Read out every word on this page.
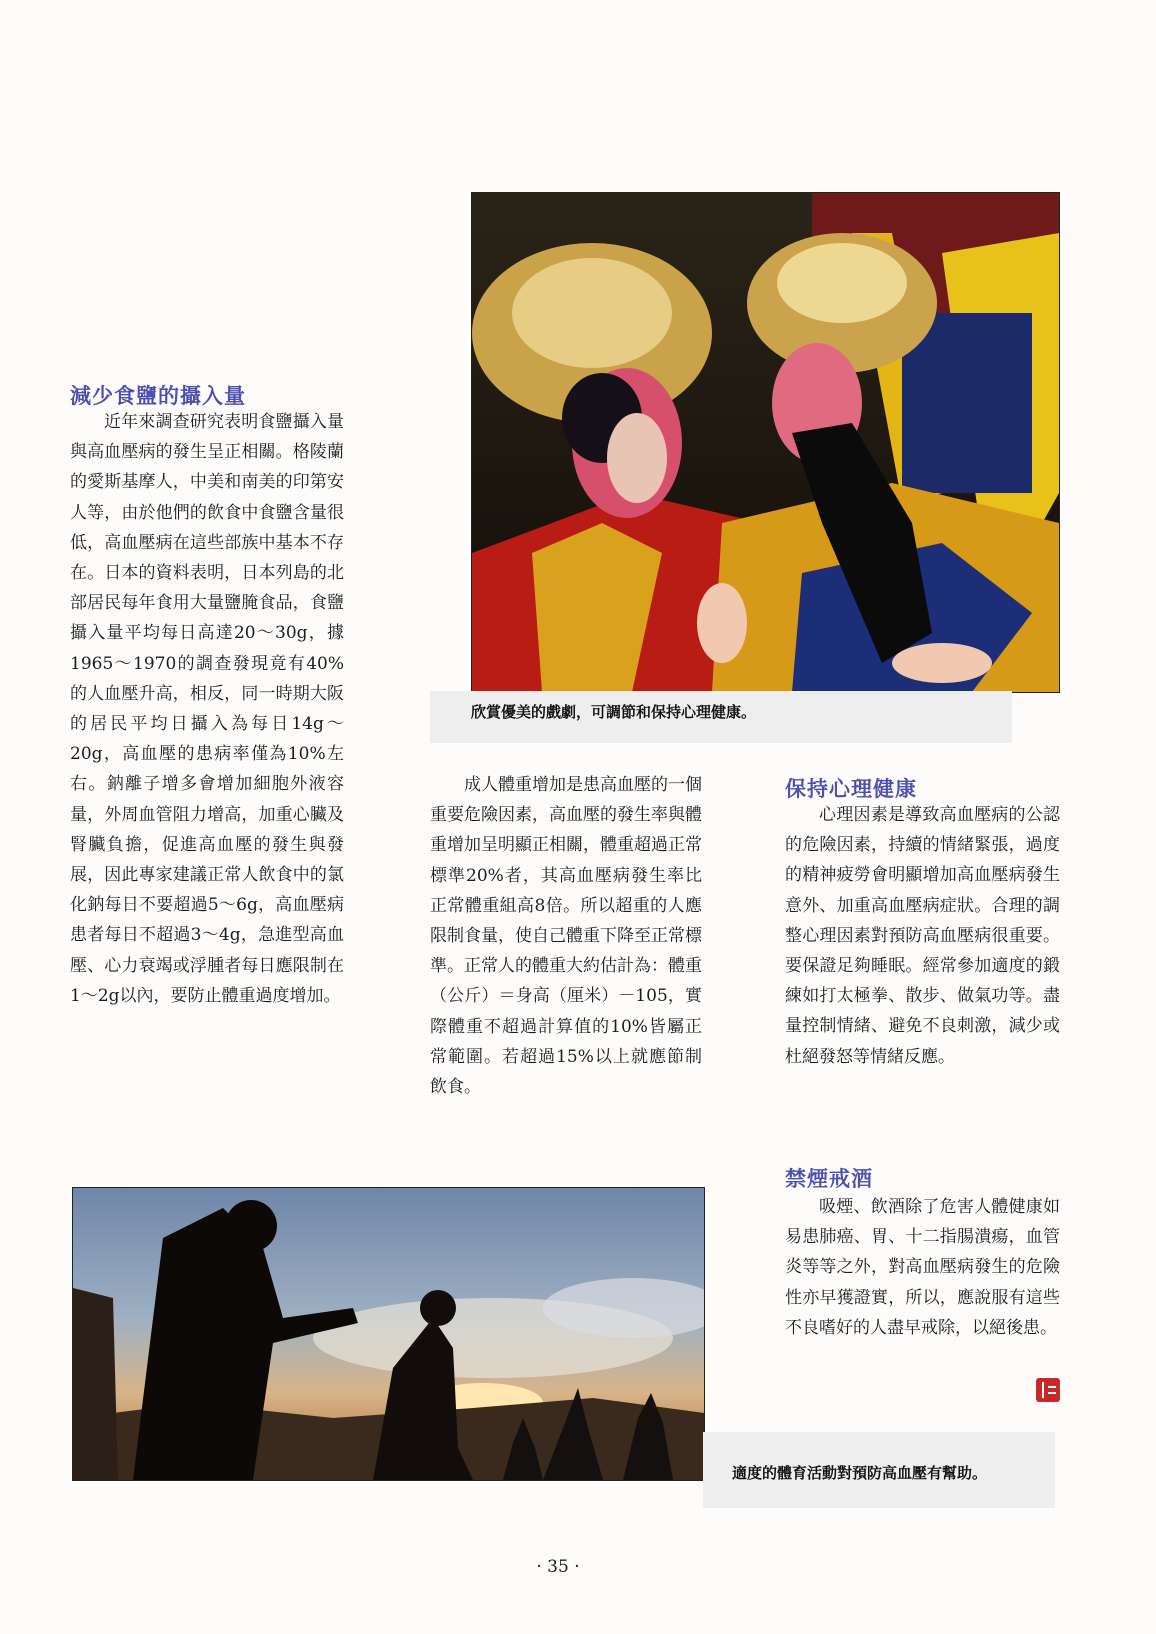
減少食鹽的攝入量

近年來調查研究表明食鹽攝入量與高血壓病的發生呈正相關。格陵蘭的愛斯基摩人，中美和南美的印第安人等，由於他們的飲食中食鹽含量很低，高血壓病在這些部族中基本不存在。日本的資料表明，日本列島的北部居民每年食用大量鹽腌食品，食鹽攝入量平均每日高達20～30g，據1965～1970的調查發現竟有40%的人血壓升高，相反，同一時期大阪的居民平均日攝入為每日14g～20g，高血壓的患病率僅為10%左右。鈉離子增多會增加細胞外液容量，外周血管阻力增高，加重心臟及腎臟負擔，促進高血壓的發生與發展，因此專家建議正常人飲食中的氯化鈉每日不要超過5～6g，高血壓病患者每日不超過3～4g，急進型高血壓、心力衰竭或浮腫者每日應限制在1～2g以內，要防止體重過度增加。

欣賞優美的戲劇，可調節和保持心理健康。

成人體重增加是患高血壓的一個重要危險因素，高血壓的發生率與體重增加呈明顯正相關，體重超過正常標準20%者，其高血壓病發生率比正常體重組高8倍。所以超重的人應限制食量，使自己體重下降至正常標準。正常人的體重大約估計為：體重（公斤）＝身高（厘米）－105，實際體重不超過計算值的10%皆屬正常範圍。若超過15%以上就應節制飲食。

保持心理健康

心理因素是導致高血壓病的公認的危險因素，持續的情緒緊張，過度的精神疲勞會明顯增加高血壓病發生意外、加重高血壓病症狀。合理的調整心理因素對預防高血壓病很重要。要保證足夠睡眠。經常參加適度的鍛練如打太極拳、散步、做氣功等。盡量控制情緒、避免不良刺激，減少或杜絕發怒等情緒反應。

禁煙戒酒

吸煙、飲酒除了危害人體健康如易患肺癌、胃、十二指腸潰瘍，血管炎等等之外，對高血壓病發生的危險性亦早獲證實，所以，應說服有這些不良嗜好的人盡早戒除，以絕後患。

適度的體育活動對預防高血壓有幫助。

· 35 ·
